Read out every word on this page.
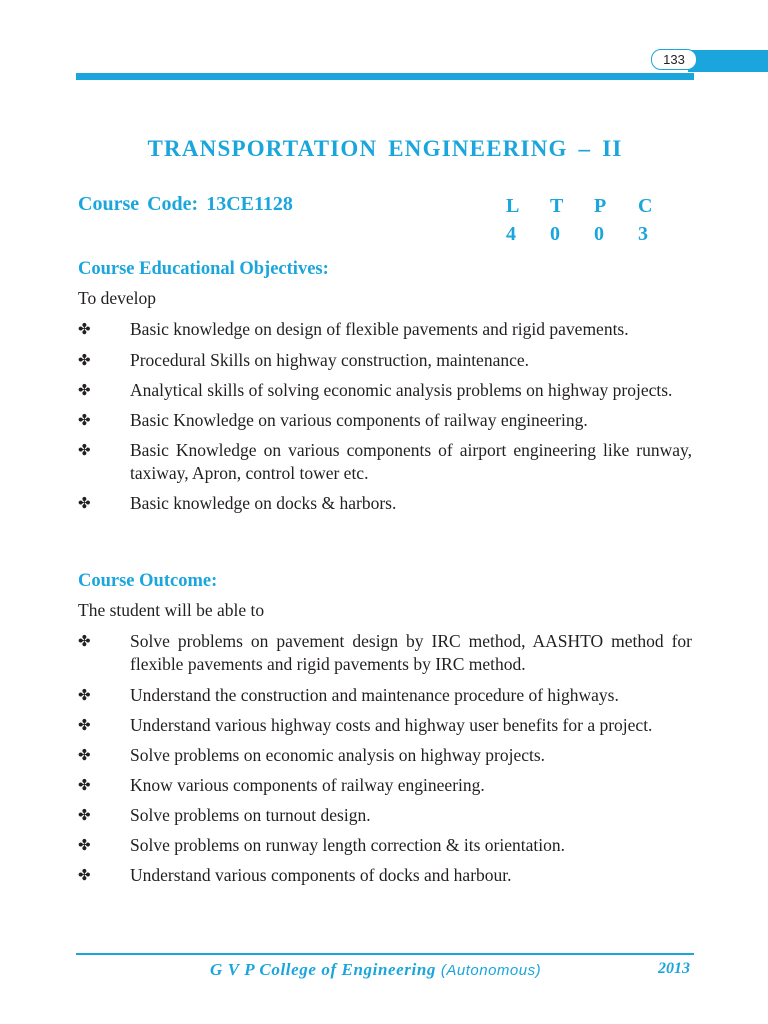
133
TRANSPORTATION ENGINEERING – II
Course Code: 13CE1128	L	T	P	C
4	0	0	3
Course Educational Objectives:
To develop
✤ Basic knowledge on design of flexible pavements and rigid pavements.
✤ Procedural Skills on highway construction, maintenance.
✤ Analytical skills of solving economic analysis problems on highway projects.
✤ Basic Knowledge on various components of railway engineering.
✤ Basic Knowledge on various components of airport engineering like runway, taxiway, Apron, control tower etc.
✤ Basic knowledge on docks & harbors.
Course Outcome:
The student will be able to
✤ Solve problems on pavement design by IRC method, AASHTO method for flexible pavements and rigid pavements by IRC method.
✤ Understand the construction and maintenance procedure of highways.
✤ Understand various highway costs and highway user benefits for a project.
✤ Solve problems on economic analysis on highway projects.
✤ Know various components of railway engineering.
✤ Solve problems on turnout design.
✤ Solve problems on runway length correction & its orientation.
✤ Understand various components of docks and harbour.
G V P College of Engineering (Autonomous)	2013
